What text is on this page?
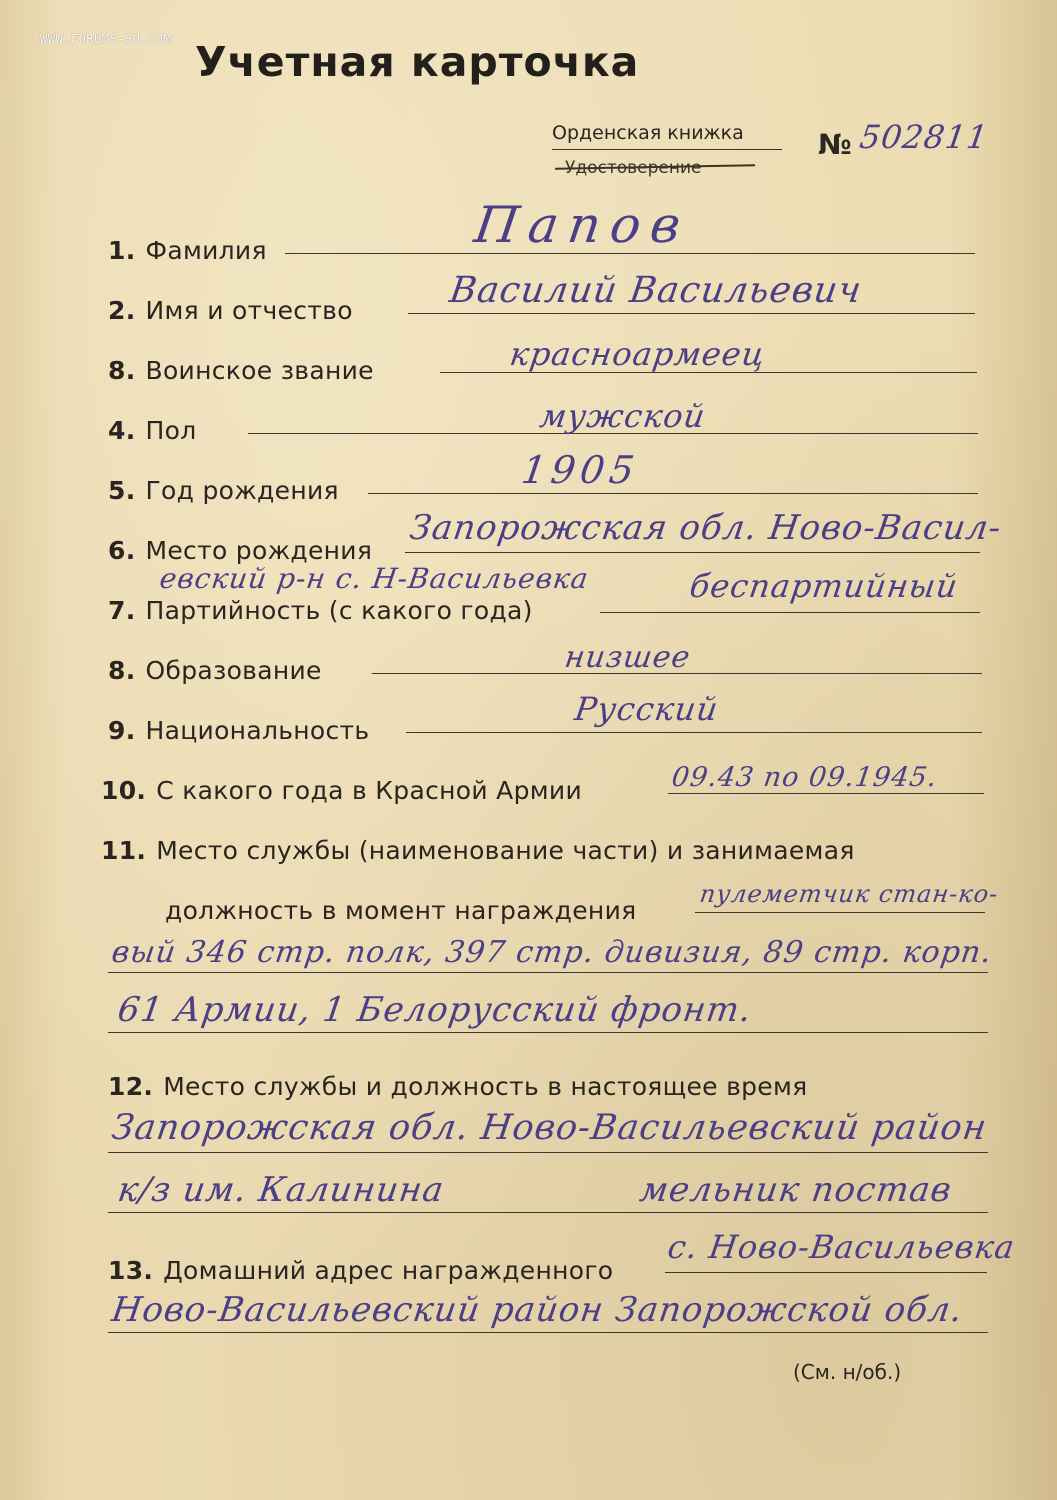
WWW.FORUMS-SU.COM Учетная карточка
Орденская книжка
Удостоверение
№ 502811
1. Фамилия	Папов
2. Имя и отчество	Василий Васильевич
8. Воинское звание	красноармеец
4. Пол	мужской
5. Год рождения	1905
6. Место рождения
Запорожская обл. Ново-Васил-
евский р-н с. Н-Васильевка
7. Партийность (с какого года)
беспартийный
8. Образование	низшее
9. Национальность
Русский
10. С какого года в Красной Армии	09.43 по 09.1945.
11. Место службы (наименование части) и занимаемая
должность в момент награждения
пулеметчик стан-ко-
вый 346 стр. полк, 397 стр. дивизия, 89 стр. корп.
61 Армии, 1 Белорусский фронт.
12. Место службы и должность в настоящее время
Запорожская обл. Ново-Васильевский район
к/з им. Калинина	мельник постав
13. Домашний адрес награжденного
с. Ново-Васильевка
Ново-Васильевский район Запорожской обл.
(См. н/об.)
